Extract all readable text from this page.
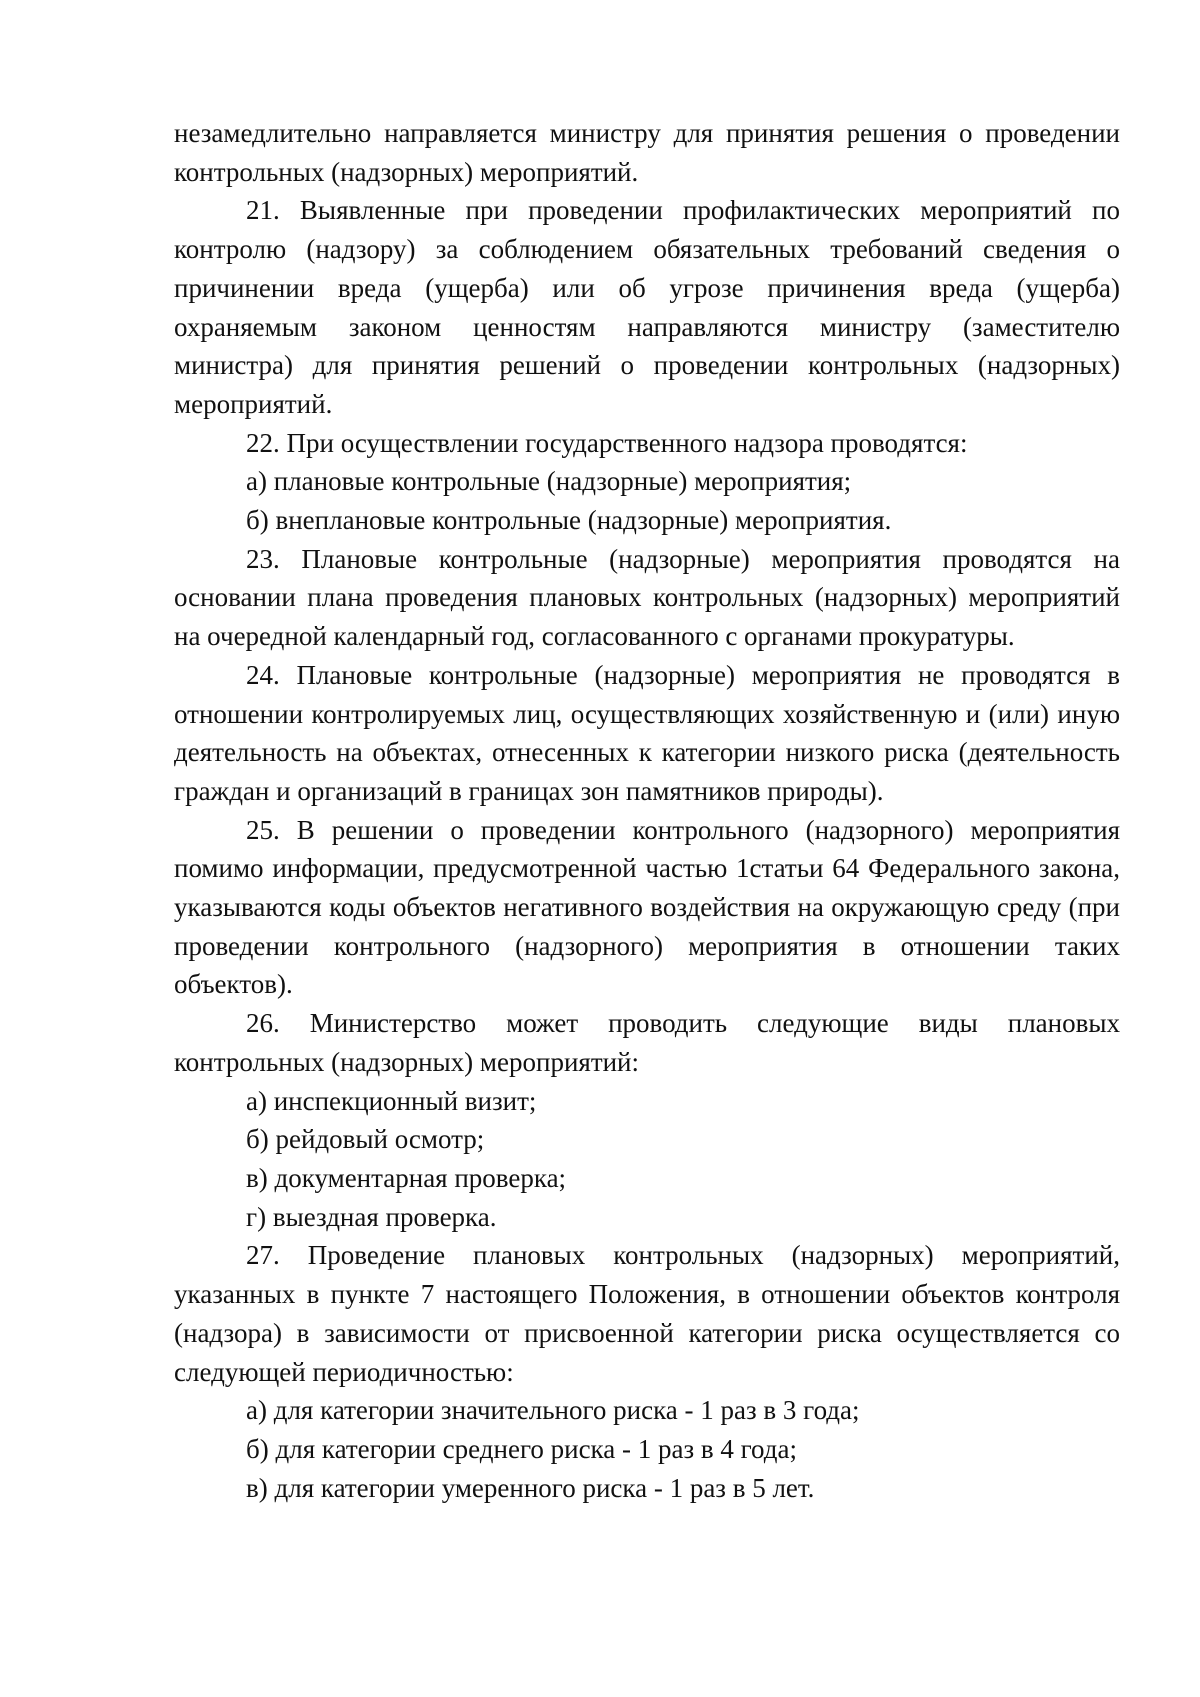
незамедлительно направляется министру для принятия решения о проведении контрольных (надзорных) мероприятий.

21. Выявленные при проведении профилактических мероприятий по контролю (надзору) за соблюдением обязательных требований сведения о причинении вреда (ущерба) или об угрозе причинения вреда (ущерба) охраняемым законом ценностям направляются министру (заместителю министра) для принятия решений о проведении контрольных (надзорных) мероприятий.

22. При осуществлении государственного надзора проводятся:

а) плановые контрольные (надзорные) мероприятия;

б) внеплановые контрольные (надзорные) мероприятия.

23. Плановые контрольные (надзорные) мероприятия проводятся на основании плана проведения плановых контрольных (надзорных) мероприятий на очередной календарный год, согласованного с органами прокуратуры.

24. Плановые контрольные (надзорные) мероприятия не проводятся в отношении контролируемых лиц, осуществляющих хозяйственную и (или) иную деятельность на объектах, отнесенных к категории низкого риска (деятельность граждан и организаций в границах зон памятников природы).

25. В решении о проведении контрольного (надзорного) мероприятия помимо информации, предусмотренной частью 1статьи 64 Федерального закона, указываются коды объектов негативного воздействия на окружающую среду (при проведении контрольного (надзорного) мероприятия в отношении таких объектов).

26. Министерство может проводить следующие виды плановых контрольных (надзорных) мероприятий:

а) инспекционный визит;

б) рейдовый осмотр;

в) документарная проверка;

г) выездная проверка.

27. Проведение плановых контрольных (надзорных) мероприятий, указанных в пункте 7 настоящего Положения, в отношении объектов контроля (надзора) в зависимости от присвоенной категории риска осуществляется со следующей периодичностью:

а) для категории значительного риска - 1 раз в 3 года;

б) для категории среднего риска - 1 раз в 4 года;

в) для категории умеренного риска - 1 раз в 5 лет.
